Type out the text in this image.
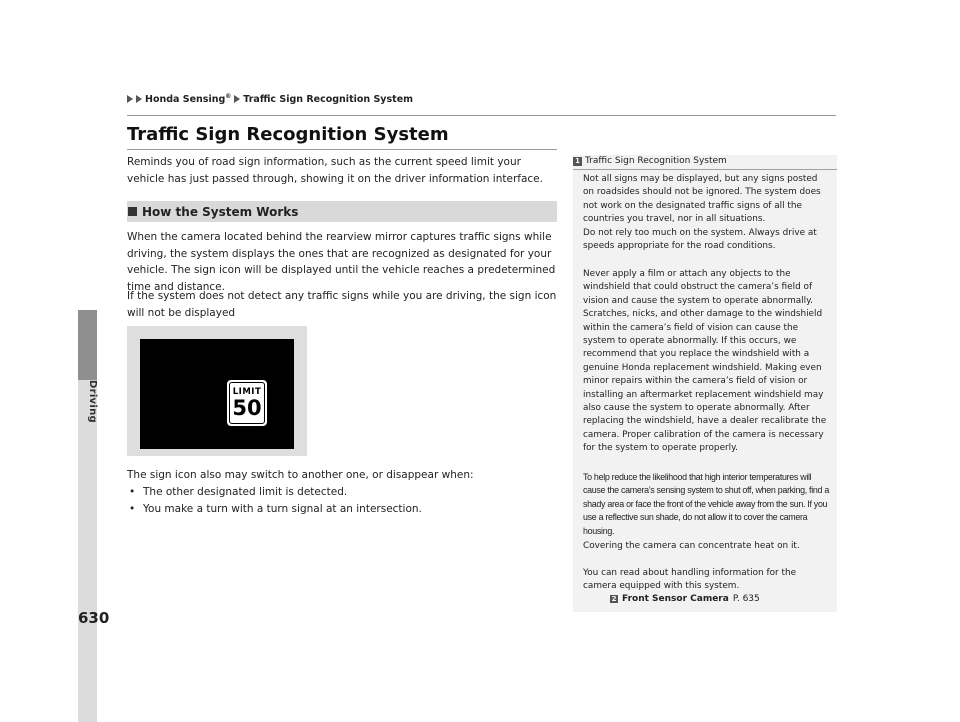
Honda Sensing® Traffic Sign Recognition System
Driving
630
Traffic Sign Recognition System
Reminds you of road sign information, such as the current speed limit your vehicle has just passed through, showing it on the driver information interface.
How the System Works
When the camera located behind the rearview mirror captures traffic signs while driving, the system displays the ones that are recognized as designated for your vehicle. The sign icon will be displayed until the vehicle reaches a predetermined time and distance.
If the system does not detect any traffic signs while you are driving, the sign icon will not be displayed
LIMIT
50
The sign icon also may switch to another one, or disappear when:
• The other designated limit is detected.
• You make a turn with a turn signal at an intersection.
1 Traffic Sign Recognition System
Not all signs may be displayed, but any signs posted on roadsides should not be ignored. The system does not work on the designated traffic signs of all the countries you travel, nor in all situations.
Do not rely too much on the system. Always drive at speeds appropriate for the road conditions.
Never apply a film or attach any objects to the windshield that could obstruct the camera’s field of vision and cause the system to operate abnormally. Scratches, nicks, and other damage to the windshield within the camera’s field of vision can cause the system to operate abnormally. If this occurs, we recommend that you replace the windshield with a genuine Honda replacement windshield. Making even minor repairs within the camera’s field of vision or installing an aftermarket replacement windshield may also cause the system to operate abnormally. After replacing the windshield, have a dealer recalibrate the camera. Proper calibration of the camera is necessary for the system to operate properly.
To help reduce the likelihood that high interior temperatures will cause the camera’s sensing system to shut off, when parking, find a shady area or face the front of the vehicle away from the sun. If you use a reflective sun shade, do not allow it to cover the camera housing.
Covering the camera can concentrate heat on it.
You can read about handling information for the camera equipped with this system.
2 Front Sensor Camera P. 635
